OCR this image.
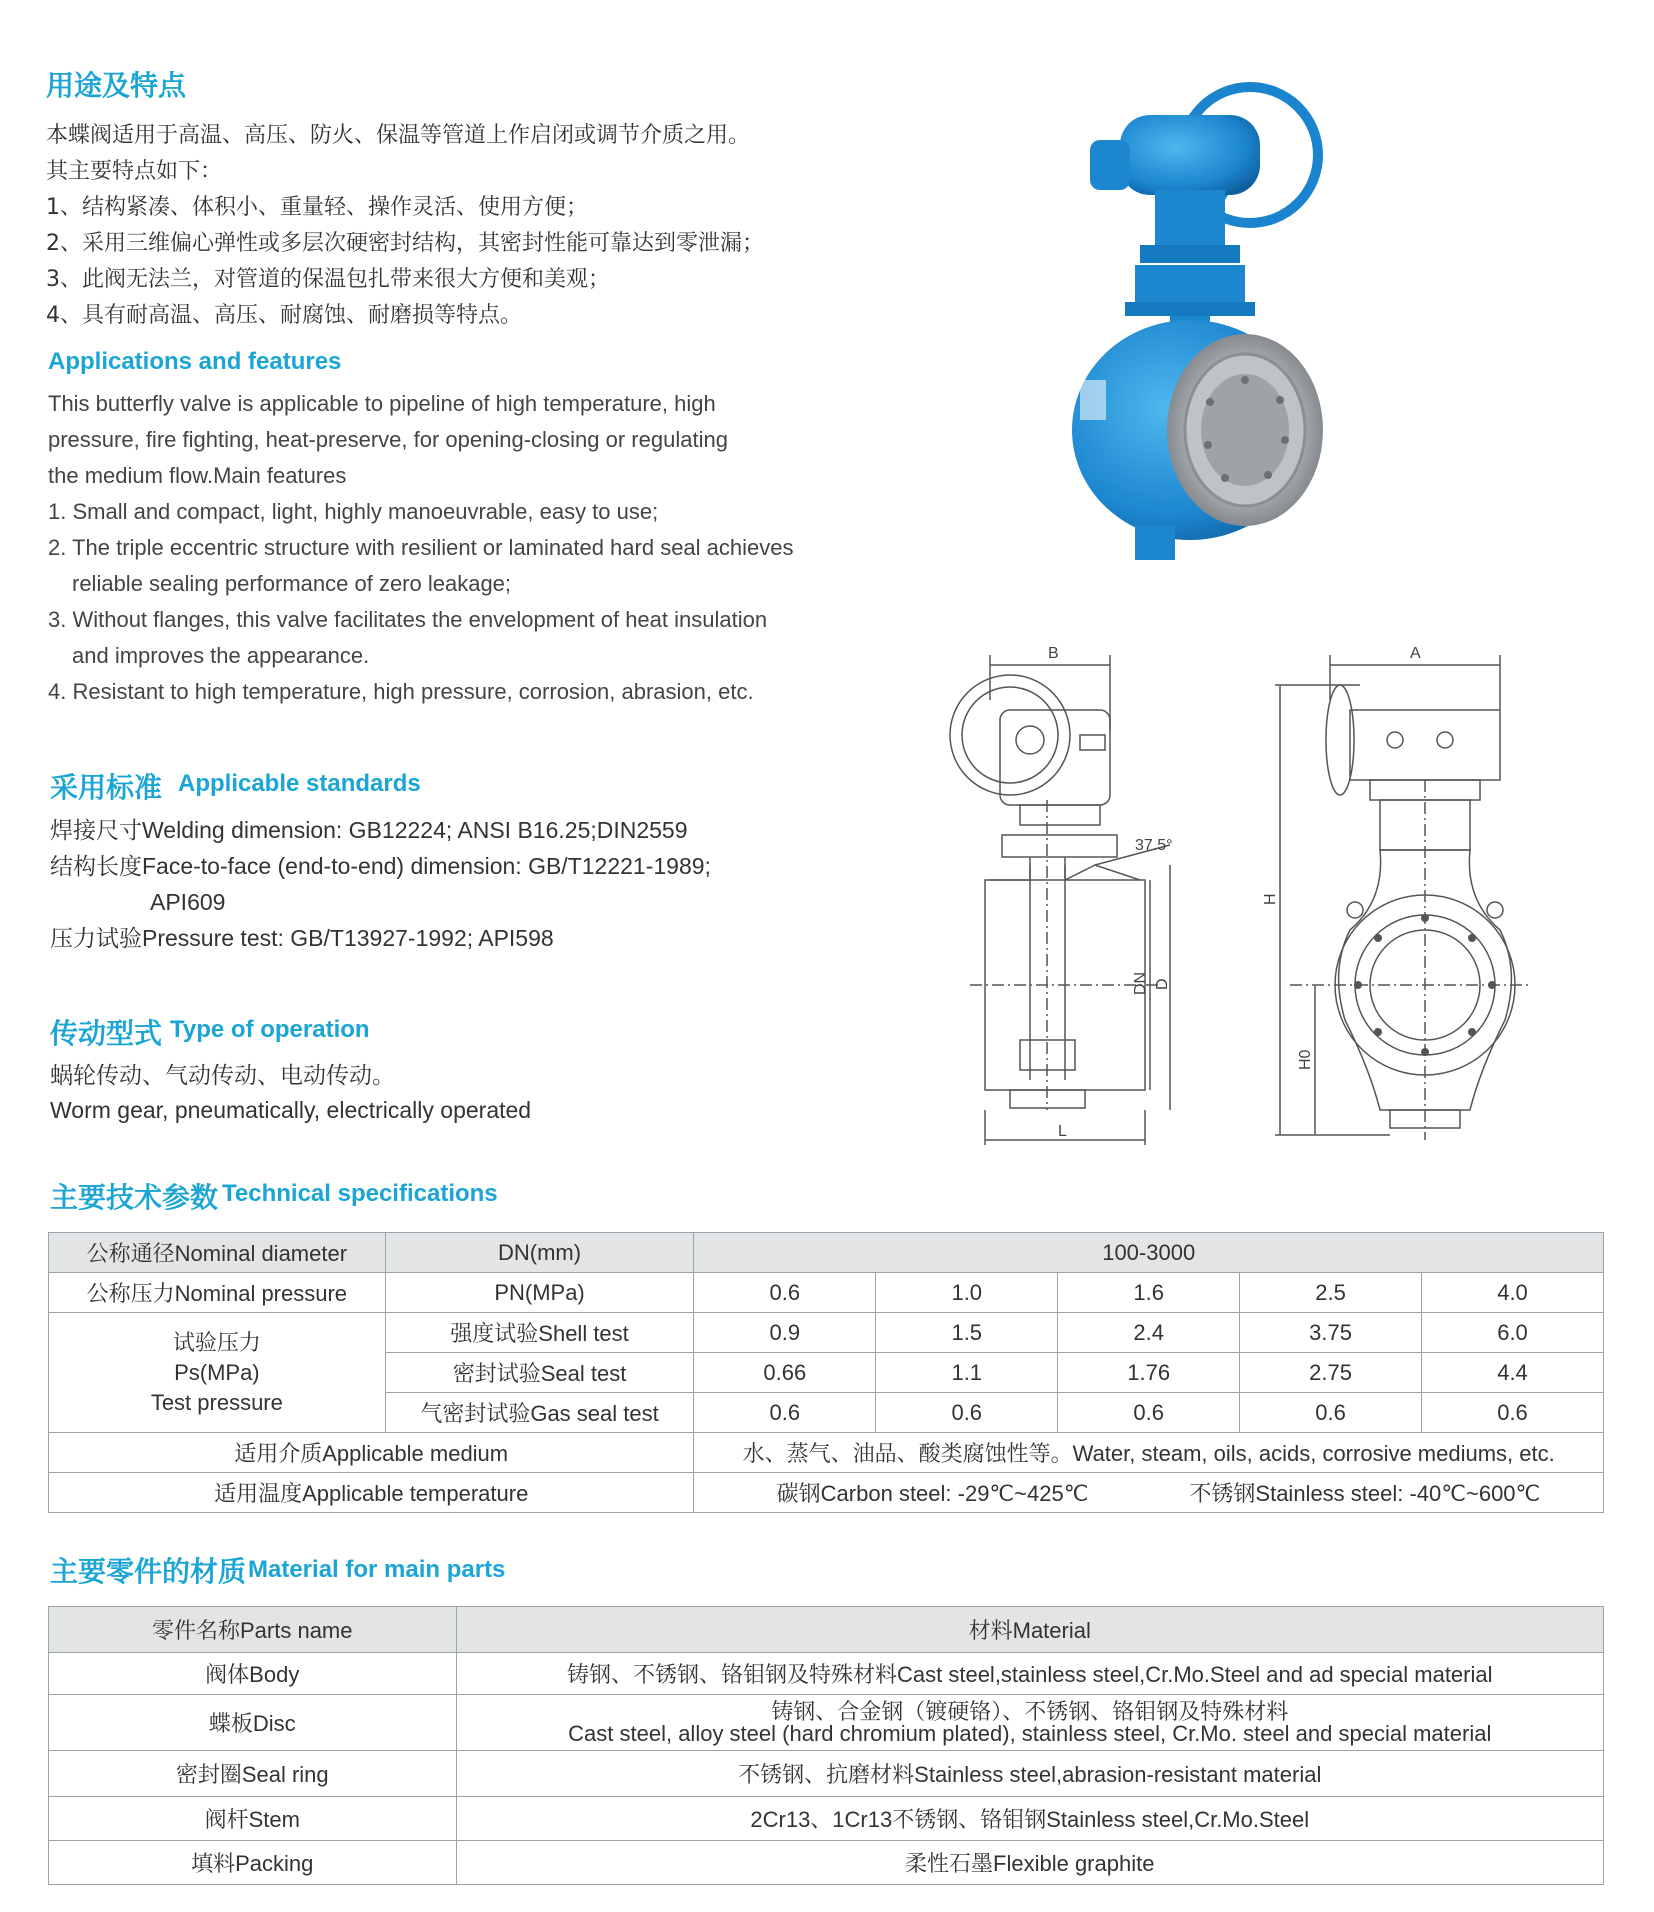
用途及特点
本蝶阀适用于高温、高压、防火、保温等管道上作启闭或调节介质之用。
其主要特点如下：
1、结构紧凑、体积小、重量轻、操作灵活、使用方便；
2、采用三维偏心弹性或多层次硬密封结构，其密封性能可靠达到零泄漏；
3、此阀无法兰，对管道的保温包扎带来很大方便和美观；
4、具有耐高温、高压、耐腐蚀、耐磨损等特点。
Applications and features
This butterfly valve is applicable to pipeline of high temperature, high
pressure, fire fighting, heat-preserve, for opening-closing or regulating
the medium flow.Main features
1. Small and compact, light, highly manoeuvrable, easy to use;
2. The triple eccentric structure with resilient or laminated hard seal achieves
reliable sealing performance of zero leakage;
3. Without flanges, this valve facilitates the envelopment of heat insulation
and improves the appearance.
4. Resistant to high temperature, high pressure, corrosion, abrasion, etc.
采用标准 Applicable standards
焊接尺寸Welding dimension: GB12224; ANSI B16.25;DIN2559
结构长度Face-to-face (end-to-end) dimension: GB/T12221-1989;
API609
压力试验Pressure test: GB/T13927-1992; API598
传动型式 Type of operation
蜗轮传动、气动传动、电动传动。
Worm gear, pneumatically, electrically operated
B
37.5°
DN D
L
A
H
H0
主要技术参数 Technical specifications
公称通径Nominal diameter	DN(mm)	100-3000				
公称压力Nominal pressure	PN(MPa)	0.6	1.0	1.6	2.5	4.0

试验压力
Ps(MPa)
Test pressure	强度试验Shell test	0.9	1.5	2.4	3.75	6.0
	密封试验Seal test	0.66	1.1	1.76	2.75	4.4
	气密封试验Gas seal test	0.6	0.6	0.6	0.6	0.6
适用介质Applicable medium		水、蒸气、油品、酸类腐蚀性等。Water, steam, oils, acids, corrosive mediums, etc.				
适用温度Applicable temperature		碳钢Carbon steel: -29℃~425℃ 不锈钢Stainless steel: -40℃~600℃				
主要零件的材质 Material for main parts
零件名称Parts name	材料Material
阀体Body	铸钢、不锈钢、铬钼钢及特殊材料Cast steel,stainless steel,Cr.Mo.Steel and ad special material
蝶板Disc	铸钢、合金钢（镀硬铬）、不锈钢、铬钼钢及特殊材料
Cast steel, alloy steel (hard chromium plated), stainless steel, Cr.Mo. steel and special material

密封圈Seal ring	不锈钢、抗磨材料Stainless steel,abrasion-resistant material
阀杆Stem	2Cr13、1Cr13不锈钢、铬钼钢Stainless steel,Cr.Mo.Steel
填料Packing	柔性石墨Flexible graphite
